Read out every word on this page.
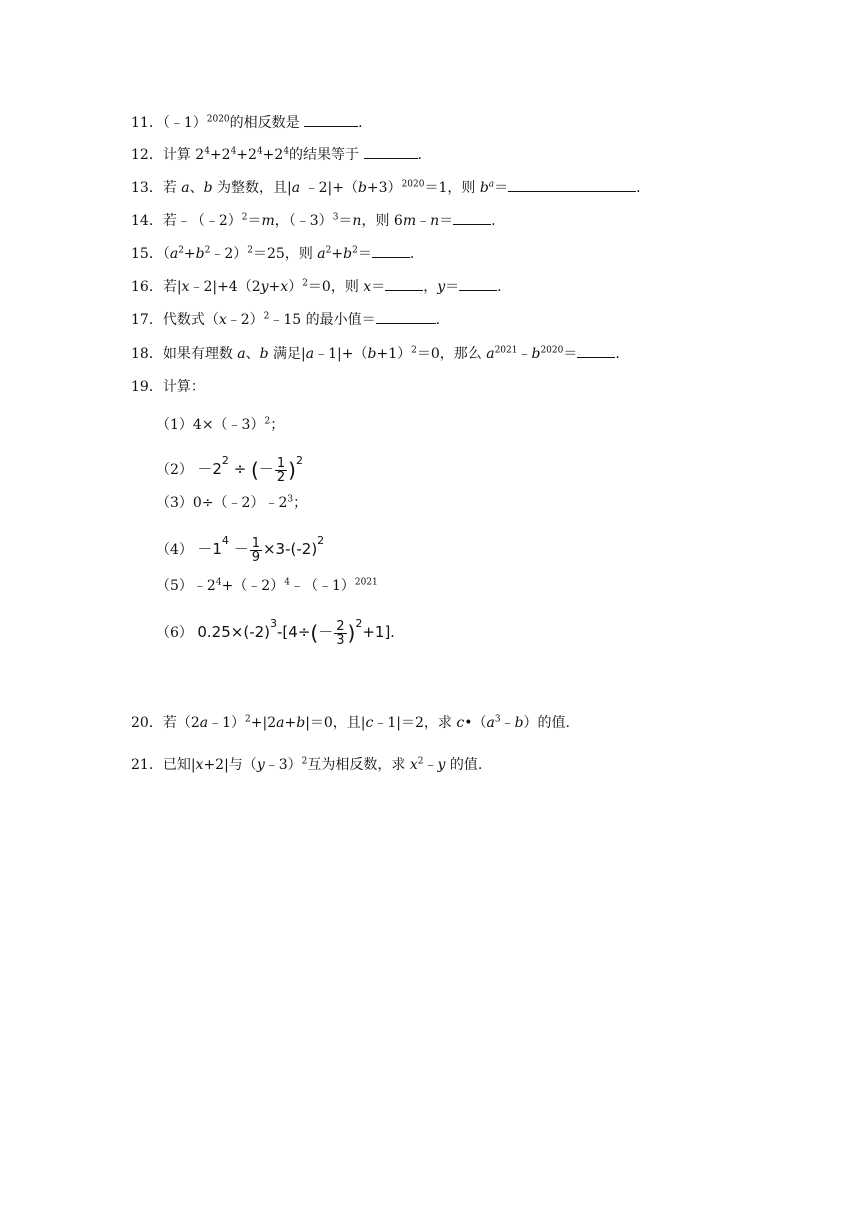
11．（﹣1）$^{2020}$的相反数是	.
12．计算 $2^4+2^4+2^4+2^4$的结果等于	.
13．若 a、b 为整数，且|a $﹣2|+(b+3)^{2020}=1$，则 $b^a=$	．
14．若﹣（﹣2）$^2$＝m，（﹣3）$^3$＝n，则 6m﹣n＝	.
15．$(a^2+b^2﹣2)^2=25$，则 $a^2+b^2=$	.
16．若$|x﹣2|+4(2y+x)^2=0$，则 x＝	，y＝	.
17．代数式（x﹣2）$^2$﹣15 的最小值＝	.
18．如果有理数 a、b 满足$|a﹣1|+(b+1)^2=0$，那么 $a^{2021}﹣b^{2020}=$	.
19．计算：
（1）4×（﹣3）$^2$；
$(2) -2^2$ ÷ (－ $\frac{1}{2} )^2$
$(3)0\div(﹣2)﹣2^3$；
$(4) -1^4 - \frac{1}{9} \times 3-(-2)^2$
$(5)﹣2^4+(﹣2)^4﹣(﹣1)^{2021}$
（6） $0.25\times(-2)^3-[4\div(- \frac{2}{3} )^2+1]$.
20．若（2a﹣1）$^2$+|2a+b|＝0，且|c﹣1|＝2，求 $c•(a^3﹣b)$的值.
21．已知|x+2|与（y﹣3）$^2$互为相反数，求 $x^2﹣y$ 的值.
